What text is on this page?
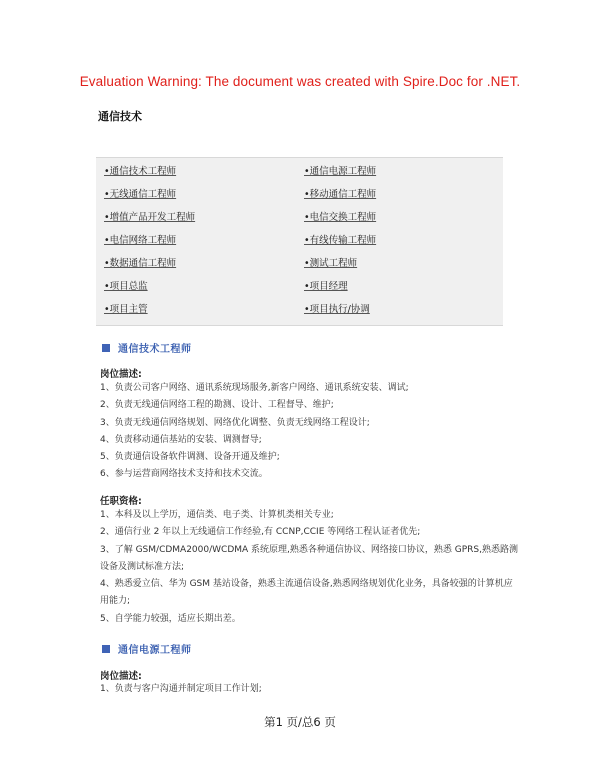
Evaluation Warning: The document was created with Spire.Doc for .NET.
通信技术
•通信技术工程师	•通信电源工程师
•无线通信工程师	•移动通信工程师
•增值产品开发工程师	•电信交换工程师
•电信网络工程师	•有线传输工程师
•数据通信工程师	•测试工程师
•项目总监	•项目经理
•项目主管	•项目执行/协调
通信技术工程师
岗位描述:
1、负责公司客户网络、通讯系统现场服务,新客户网络、通讯系统安装、调试;
2、负责无线通信网络工程的勘测、设计、工程督导、维护;
3、负责无线通信网络规划、网络优化调整、负责无线网络工程设计;
4、负责移动通信基站的安装、调测督导;
5、负责通信设备软件调测、设备开通及维护;
6、参与运营商网络技术支持和技术交流。
任职资格:
1、本科及以上学历，通信类、电子类、计算机类相关专业;
2、通信行业 2 年以上无线通信工作经验,有 CCNP,CCIE 等网络工程认证者优先;
3、了解 GSM/CDMA2000/WCDMA 系统原理,熟悉各种通信协议、网络接口协议，熟悉 GPRS,熟悉路测设备及测试标准方法;
4、熟悉爱立信、华为 GSM 基站设备，熟悉主流通信设备,熟悉网络规划优化业务，具备较强的计算机应用能力;
5、自学能力较强，适应长期出差。
通信电源工程师
岗位描述:
1、负责与客户沟通并制定项目工作计划;
第1 页/总6 页
